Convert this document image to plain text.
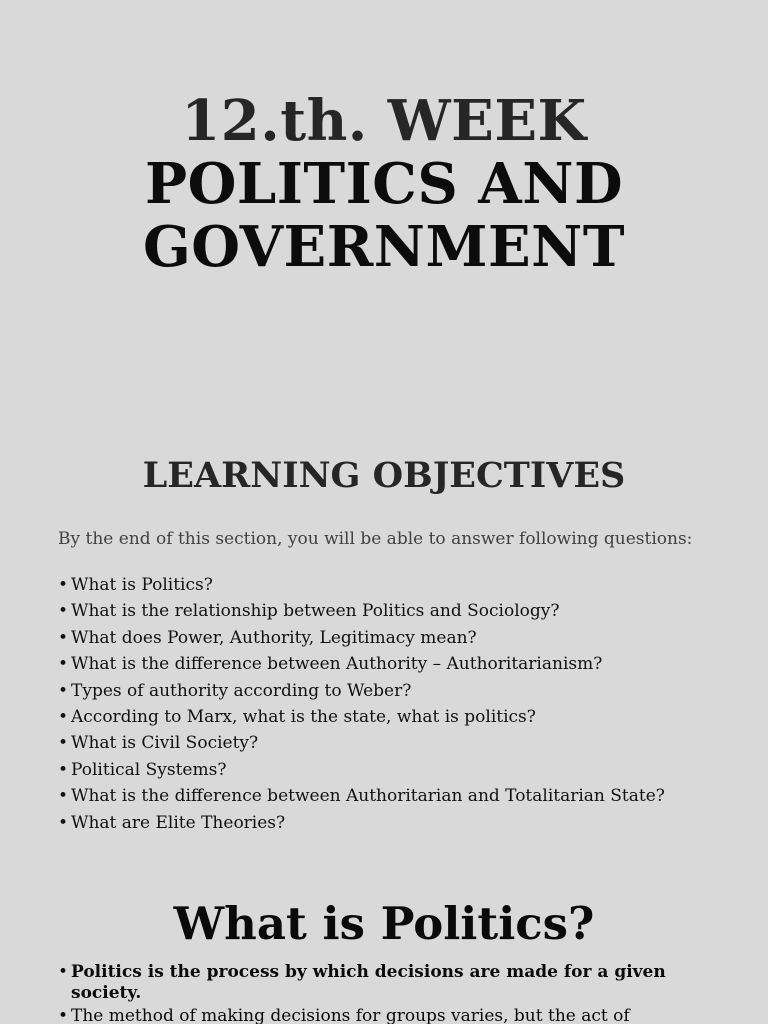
12.th. WEEK
POLITICS AND
GOVERNMENT
LEARNING OBJECTIVES
By the end of this section, you will be able to answer following questions:
• What is Politics?
• What is the relationship between Politics and Sociology?
• What does Power, Authority, Legitimacy mean?
• What is the difference between Authority – Authoritarianism?
• Types of authority according to Weber?
• According to Marx, what is the state, what is politics?
• What is Civil Society?
• Political Systems?
• What is the difference between Authoritarian and Totalitarian State?
• What are Elite Theories?
What is Politics?
• Politics is the process by which decisions are made for a given society.
• The method of making decisions for groups varies, but the act of
